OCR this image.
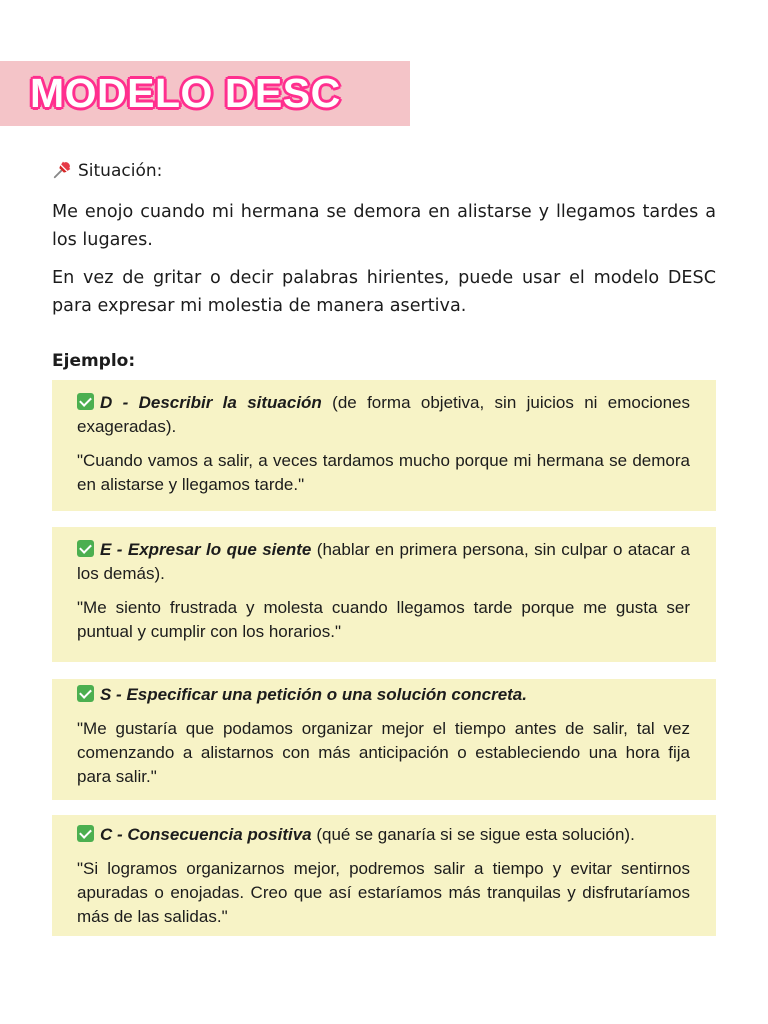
MODELO DESC
Situación:
Me enojo cuando mi hermana se demora en alistarse y llegamos tardes a los lugares.
En vez de gritar o decir palabras hirientes, puede usar el modelo DESC para expresar mi molestia de manera asertiva.
Ejemplo:

D - Describir la situación (de forma objetiva, sin juicios ni emociones exageradas).

"Cuando vamos a salir, a veces tardamos mucho porque mi hermana se demora en alistarse y llegamos tarde."

E - Expresar lo que siente (hablar en primera persona, sin culpar o atacar a los demás).

"Me siento frustrada y molesta cuando llegamos tarde porque me gusta ser puntual y cumplir con los horarios."

S - Especificar una petición o una solución concreta.

"Me gustaría que podamos organizar mejor el tiempo antes de salir, tal vez comenzando a alistarnos con más anticipación o estableciendo una hora fija para salir."

C - Consecuencia positiva (qué se ganaría si se sigue esta solución).

"Si logramos organizarnos mejor, podremos salir a tiempo y evitar sentirnos apuradas o enojadas. Creo que así estaríamos más tranquilas y disfrutaríamos más de las salidas."
